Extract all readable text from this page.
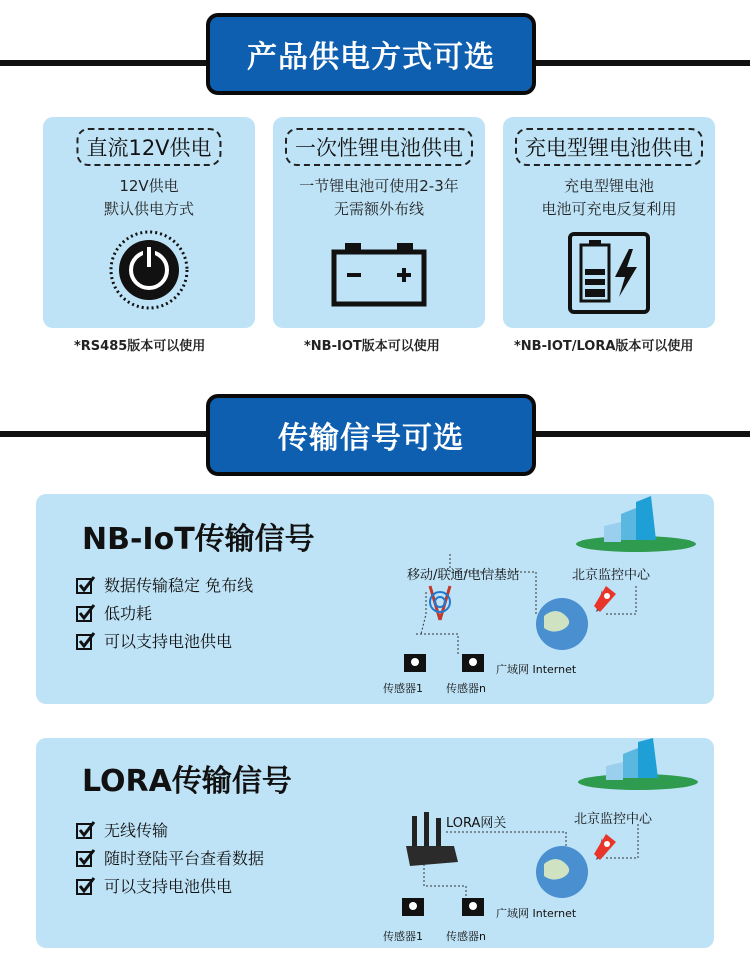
产品供电方式可选
直流12V供电
12V供电
默认供电方式
*RS485版本可以使用
一次性锂电池供电
一节锂电池可使用2-3年
无需额外布线
*NB-IOT版本可以使用
充电型锂电池供电
充电型锂电池
电池可充电反复利用
*NB-IOT/LORA版本可以使用
传输信号可选
NB-IoT传输信号
数据传输稳定 免布线
低功耗
可以支持电池供电
移动/联通/电信基站	北京监控中心
广域网 Internet
传感器1 传感器n
LORA传输信号
无线传输
随时登陆平台查看数据
可以支持电池供电
LORA网关	北京监控中心
广域网 Internet
传感器1 传感器n
